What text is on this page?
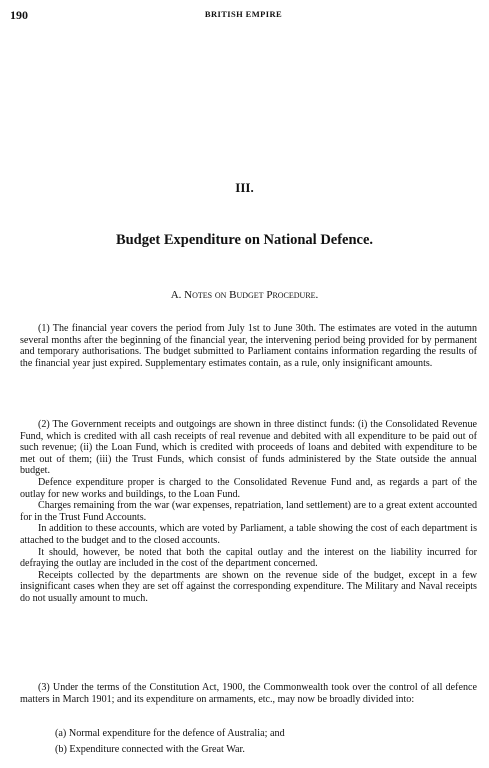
190	BRITISH EMPIRE
III.
Budget Expenditure on National Defence.
A. Notes on Budget Procedure.

(1) The financial year covers the period from July 1st to June 30th. The estimates are voted in the autumn several months after the beginning of the financial year, the intervening period being provided for by permanent and temporary authorisations. The budget submitted to Parliament contains information regarding the results of the financial year just expired. Supplementary estimates contain, as a rule, only insignificant amounts.

(2) The Government receipts and outgoings are shown in three distinct funds: (i) the Consolidated Revenue Fund, which is credited with all cash receipts of real revenue and debited with all expenditure to be paid out of such revenue; (ii) the Loan Fund, which is credited with proceeds of loans and debited with expenditure to be met out of them; (iii) the Trust Funds, which consist of funds administered by the State outside the annual budget.

Defence expenditure proper is charged to the Consolidated Revenue Fund and, as regards a part of the outlay for new works and buildings, to the Loan Fund.

Charges remaining from the war (war expenses, repatriation, land settlement) are to a great extent accounted for in the Trust Fund Accounts.

In addition to these accounts, which are voted by Parliament, a table showing the cost of each department is attached to the budget and to the closed accounts.

It should, however, be noted that both the capital outlay and the interest on the liability incurred for defraying the outlay are included in the cost of the department concerned.

Receipts collected by the departments are shown on the revenue side of the budget, except in a few insignificant cases when they are set off against the corresponding expenditure. The Military and Naval receipts do not usually amount to much.

(3) Under the terms of the Constitution Act, 1900, the Commonwealth took over the control of all defence matters in March 1901; and its expenditure on armaments, etc., may now be broadly divided into:

(a) Normal expenditure for the defence of Australia; and
(b) Expenditure connected with the Great War.
